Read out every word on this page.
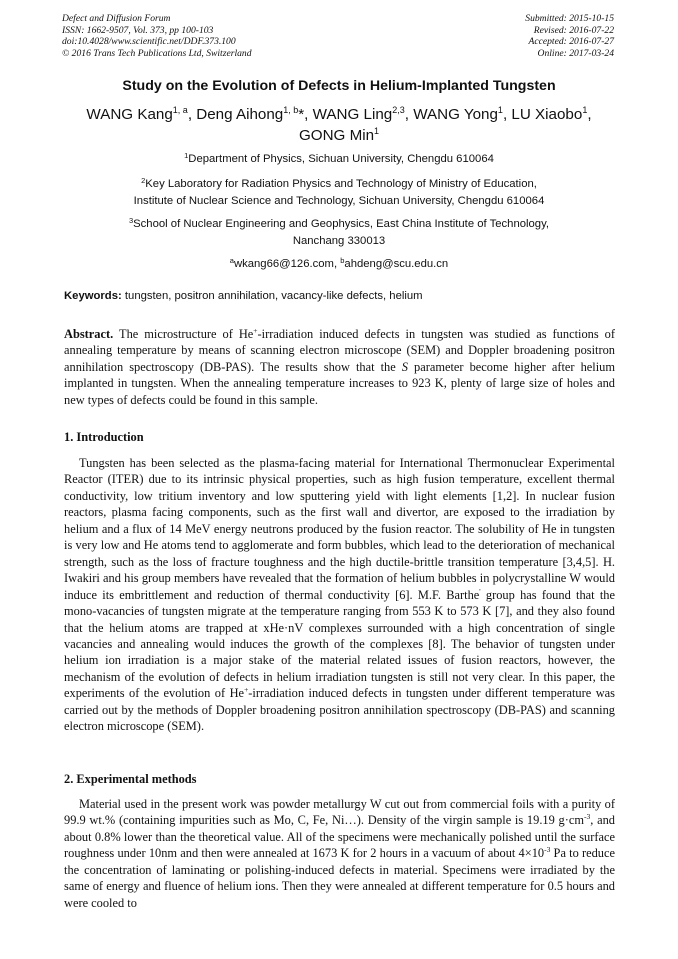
Defect and Diffusion Forum
ISSN: 1662-9507, Vol. 373, pp 100-103
doi:10.4028/www.scientific.net/DDF.373.100
© 2016 Trans Tech Publications Ltd, Switzerland
Submitted: 2015-10-15
Revised: 2016-07-22
Accepted: 2016-07-27
Online: 2017-03-24
Study on the Evolution of Defects in Helium-Implanted Tungsten
WANG Kang$^{1, a}$, Deng Aihong$^{1, b}$*, WANG Ling$^{2,3}$, WANG Yong$^1$, LU Xiaobo$^1$,
GONG Min$^1$
$^1$Department of Physics, Sichuan University, Chengdu 610064
$^2$Key Laboratory for Radiation Physics and Technology of Ministry of Education,
Institute of Nuclear Science and Technology, Sichuan University, Chengdu 610064
$^3$School of Nuclear Engineering and Geophysics, East China Institute of Technology,
Nanchang 330013
$^a$wkang66@126.com, $^b$ahdeng@scu.edu.cn
Keywords: tungsten, positron annihilation, vacancy-like defects, helium
Abstract. The microstructure of He+-irradiation induced defects in tungsten was studied as functions of annealing temperature by means of scanning electron microscope (SEM) and Doppler broadening positron annihilation spectroscopy (DB-PAS). The results show that the S parameter become higher after helium implanted in tungsten. When the annealing temperature increases to 923 K, plenty of large size of holes and new types of defects could be found in this sample.
1. Introduction
Tungsten has been selected as the plasma-facing material for International Thermonuclear Experimental Reactor (ITER) due to its intrinsic physical properties, such as high fusion temperature, excellent thermal conductivity, low tritium inventory and low sputtering yield with light elements [1,2]. In nuclear fusion reactors, plasma facing components, such as the first wall and divertor, are exposed to the irradiation by helium and a flux of 14 MeV energy neutrons produced by the fusion reactor. The solubility of He in tungsten is very low and He atoms tend to agglomerate and form bubbles, which lead to the deterioration of mechanical strength, such as the loss of fracture toughness and the high ductile-brittle transition temperature [3,4,5]. H. Iwakiri and his group members have revealed that the formation of helium bubbles in polycrystalline W would induce its embrittlement and reduction of thermal conductivity [6]. M.F. Barthe' group has found that the mono-vacancies of tungsten migrate at the temperature ranging from 553 K to 573 K [7], and they also found that the helium atoms are trapped at xHe·nV complexes surrounded with a high concentration of single vacancies and annealing would induces the growth of the complexes [8]. The behavior of tungsten under helium ion irradiation is a major stake of the material related issues of fusion reactors, however, the mechanism of the evolution of defects in helium irradiation tungsten is still not very clear. In this paper, the experiments of the evolution of He+-irradiation induced defects in tungsten under different temperature was carried out by the methods of Doppler broadening positron annihilation spectroscopy (DB-PAS) and scanning electron microscope (SEM).
2. Experimental methods
Material used in the present work was powder metallurgy W cut out from commercial foils with a purity of 99.9 wt.% (containing impurities such as Mo, C, Fe, Ni…). Density of the virgin sample is 19.19 $g\cdot cm^{-3}$, and about 0.8% lower than the theoretical value. All of the specimens were mechanically polished until the surface roughness under 10nm and then were annealed at 1673 K for 2 hours in a vacuum of about $4\times 10^{-3}$ Pa to reduce the concentration of laminating or polishing-induced defects in material. Specimens were irradiated by the same of energy and fluence of helium ions. Then they were annealed at different temperature for 0.5 hours and were cooled to
